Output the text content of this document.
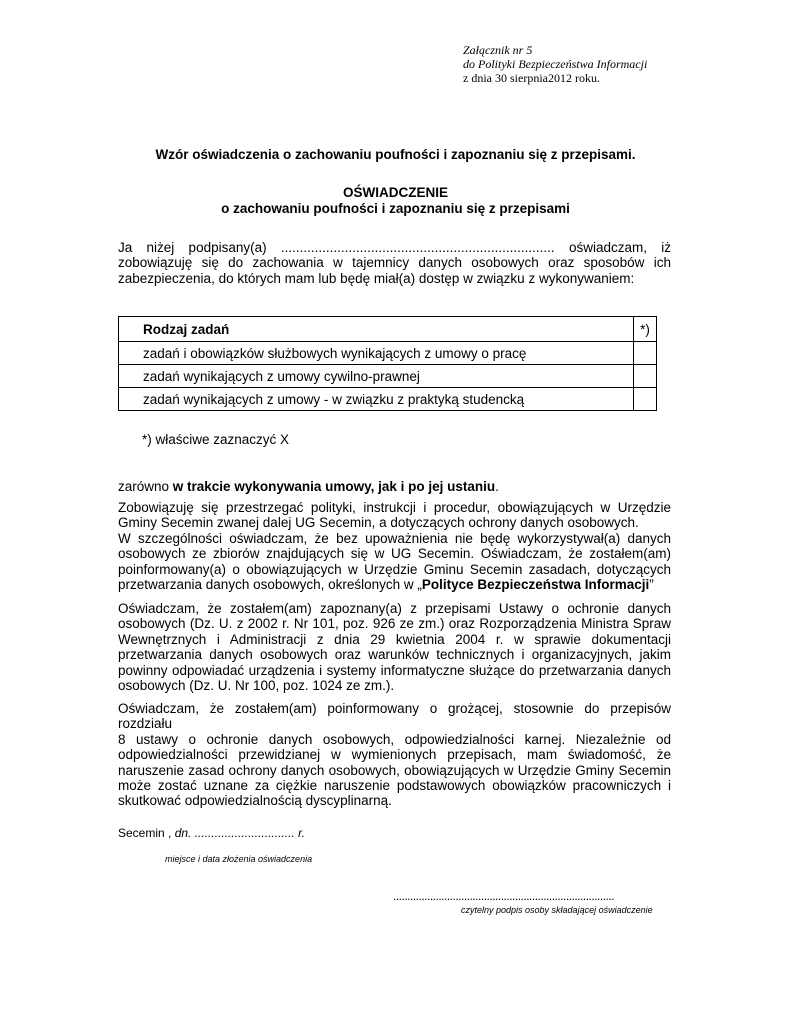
Załącznik nr 5
do Polityki Bezpieczeństwa Informacji
z dnia 30 sierpnia2012 roku.
Wzór oświadczenia o zachowaniu poufności i zapoznaniu się z przepisami.
OŚWIADCZENIE
o zachowaniu poufności i zapoznaniu się z przepisami
Ja niżej podpisany(a) ......................................................................... oświadczam, iż
zobowiązuję się do zachowania w tajemnicy danych osobowych oraz sposobów ich
zabezpieczenia, do których mam lub będę miał(a) dostęp w związku z wykonywaniem:
Rodzaj zadań	*)
zadań i obowiązków służbowych wynikających z umowy o pracę	
zadań wynikających z umowy cywilno-prawnej	
zadań wynikających z umowy - w związku z praktyką studencką	
*) właściwe zaznaczyć X
zarówno w trakcie wykonywania umowy, jak i po jej ustaniu.
Zobowiązuję się przestrzegać polityki, instrukcji i procedur, obowiązujących w Urzędzie
Gminy Secemin zwanej dalej UG Secemin, a dotyczących ochrony danych osobowych.
W szczególności oświadczam, że bez upoważnienia nie będę wykorzystywał(a) danych
osobowych ze zbiorów znajdujących się w UG Secemin. Oświadczam, że zostałem(am)
poinformowany(a) o obowiązujących w Urzędzie Gminu Secemin zasadach, dotyczących
przetwarzania danych osobowych, określonych w „Polityce Bezpieczeństwa Informacji”
Oświadczam, że zostałem(am) zapoznany(a) z przepisami Ustawy o ochronie danych
osobowych (Dz. U. z 2002 r. Nr 101, poz. 926 ze zm.) oraz Rozporządzenia Ministra Spraw
Wewnętrznych i Administracji z dnia 29 kwietnia 2004 r. w sprawie dokumentacji
przetwarzania danych osobowych oraz warunków technicznych i organizacyjnych, jakim
powinny odpowiadać urządzenia i systemy informatyczne służące do przetwarzania danych
osobowych (Dz. U. Nr 100, poz. 1024 ze zm.).
Oświadczam, że zostałem(am) poinformowany o grożącej, stosownie do przepisów rozdziału
8 ustawy o ochronie danych osobowych, odpowiedzialności karnej. Niezależnie od
odpowiedzialności przewidzianej w wymienionych przepisach, mam świadomość, że
naruszenie zasad ochrony danych osobowych, obowiązujących w Urzędzie Gminy Secemin
może zostać uznane za ciężkie naruszenie podstawowych obowiązków pracowniczych i
skutkować odpowiedzialnością dyscyplinarną.
Secemin , dn. .............................. r.
miejsce i data złożenia oświadczenia
..............................................................................
czytelny podpis osoby składającej oświadczenie
